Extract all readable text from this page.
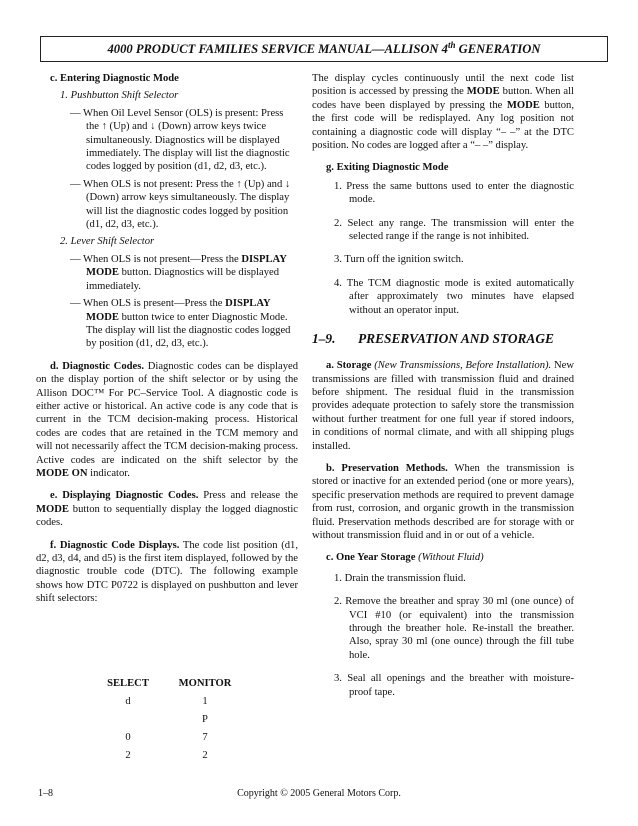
4000 PRODUCT FAMILIES SERVICE MANUAL—ALLISON 4th GENERATION

c. Entering Diagnostic Mode

1. Pushbutton Shift Selector

— When Oil Level Sensor (OLS) is present: Press the ↑ (Up) and ↓ (Down) arrow keys twice simultaneously. Diagnostics will be displayed immediately. The display will list the diagnostic codes logged by position (d1, d2, d3, etc.).

— When OLS is not present: Press the ↑ (Up) and ↓ (Down) arrow keys simultaneously. The display will list the diagnostic codes logged by position (d1, d2, d3, etc.).

2. Lever Shift Selector

— When OLS is not present—Press the DISPLAY MODE button. Diagnostics will be displayed immediately.

— When OLS is present—Press the DISPLAY MODE button twice to enter Diagnostic Mode. The display will list the diagnostic codes logged by position (d1, d2, d3, etc.).

d. Diagnostic Codes. Diagnostic codes can be displayed on the display portion of the shift selector or by using the Allison DOC™ For PC–Service Tool. A diagnostic code is either active or historical. An active code is any code that is current in the TCM decision-making process. Historical codes are codes that are retained in the TCM memory and will not necessarily affect the TCM decision-making process. Active codes are indicated on the shift selector by the MODE ON indicator.

e. Displaying Diagnostic Codes. Press and release the MODE button to sequentially display the logged diagnostic codes.

f. Diagnostic Code Displays. The code list position (d1, d2, d3, d4, and d5) is the first item displayed, followed by the diagnostic trouble code (DTC). The following example shows how DTC P0722 is displayed on pushbutton and lever shift selectors:

SELECT	MONITOR
d	1
	P
0	7
2	2

The display cycles continuously until the next code list position is accessed by pressing the MODE button. When all codes have been displayed by pressing the MODE button, the first code will be redisplayed. Any log position not containing a diagnostic code will display “– –” at the DTC position. No codes are logged after a “– –” display.

g. Exiting Diagnostic Mode

1. Press the same buttons used to enter the diagnostic mode.

2. Select any range. The transmission will enter the selected range if the range is not inhibited.

3. Turn off the ignition switch.

4. The TCM diagnostic mode is exited automatically after approximately two minutes have elapsed without an operator input.

1–9. PRESERVATION AND STORAGE

a. Storage (New Transmissions, Before Installation). New transmissions are filled with transmission fluid and drained before shipment. The residual fluid in the transmission provides adequate protection to safely store the transmission without further treatment for one full year if stored indoors, in conditions of normal climate, and with all shipping plugs installed.

b. Preservation Methods. When the transmission is stored or inactive for an extended period (one or more years), specific preservation methods are required to prevent damage from rust, corrosion, and organic growth in the transmission fluid. Preservation methods described are for storage with or without transmission fluid and in or out of a vehicle.

c. One Year Storage (Without Fluid)

1. Drain the transmission fluid.

2. Remove the breather and spray 30 ml (one ounce) of VCI #10 (or equivalent) into the transmission through the breather hole. Re-install the breather. Also, spray 30 ml (one ounce) through the fill tube hole.

3. Seal all openings and the breather with moisture-proof tape.

1–8	Copyright © 2005 General Motors Corp.
